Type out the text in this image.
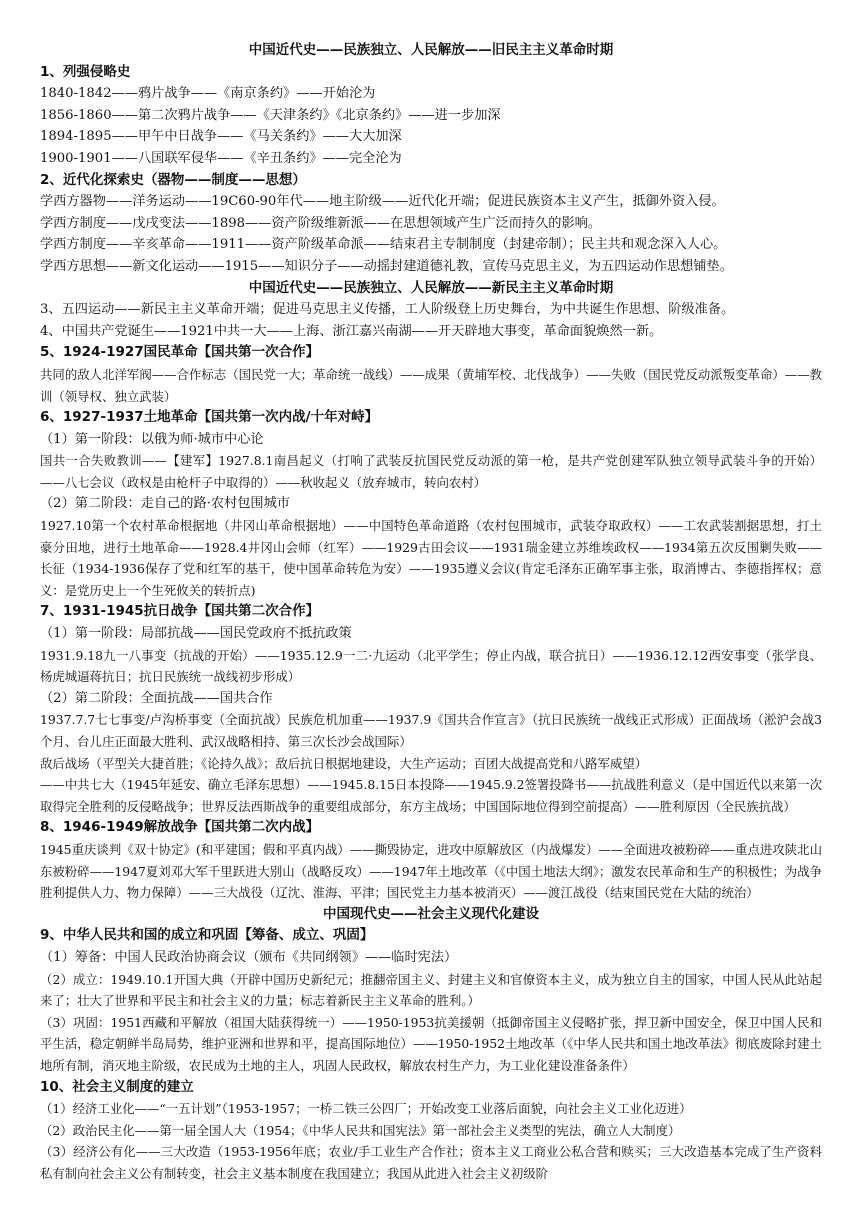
中国近代史——民族独立、人民解放——旧民主主义革命时期
1、列强侵略史

1840-1842——鸦片战争——《南京条约》——开始沦为

1856-1860——第二次鸦片战争——《天津条约》《北京条约》——进一步加深

1894-1895——甲午中日战争——《马关条约》——大大加深

1900-1901——八国联军侵华——《辛丑条约》——完全沦为

2、近代化探索史（器物——制度——思想）

学西方器物——洋务运动——19C60-90年代——地主阶级——近代化开端；促进民族资本主义产生，抵御外资入侵。

学西方制度——戊戌变法——1898——资产阶级维新派——在思想领域产生广泛而持久的影响。

学西方制度——辛亥革命——1911——资产阶级革命派——结束君主专制制度（封建帝制）；民主共和观念深入人心。

学西方思想——新文化运动——1915——知识分子——动摇封建道德礼教，宣传马克思主义，为五四运动作思想铺垫。

中国近代史——民族独立、人民解放——新民主主义革命时期

3、五四运动——新民主主义革命开端；促进马克思主义传播，工人阶级登上历史舞台，为中共诞生作思想、阶级准备。

4、中国共产党诞生——1921中共一大——上海、浙江嘉兴南湖——开天辟地大事变，革命面貌焕然一新。

5、1924-1927国民革命【国共第一次合作】

共同的敌人北洋军阀——合作标志（国民党一大；革命统一战线）——成果（黄埔军校、北伐战争）——失败（国民党反动派叛变革命）——教训（领导权、独立武装）

6、1927-1937土地革命【国共第一次内战/十年对峙】

（1）第一阶段：以俄为师·城市中心论

国共一合失败教训——【建军】1927.8.1南昌起义（打响了武装反抗国民党反动派的第一枪，是共产党创建军队独立领导武装斗争的开始）——八七会议（政权是由枪杆子中取得的）——秋收起义（放弃城市，转向农村）

（2）第二阶段：走自己的路·农村包围城市

1927.10第一个农村革命根据地（井冈山革命根据地）——中国特色革命道路（农村包围城市，武装夺取政权）——工农武装割据思想，打土豪分田地，进行土地革命——1928.4井冈山会师（红军）——1929古田会议——1931瑞金建立苏维埃政权——1934第五次反围剿失败——长征（1934-1936保存了党和红军的基干，使中国革命转危为安）——1935遵义会议(肯定毛泽东正确军事主张，取消博古、李德指挥权；意义：是党历史上一个生死攸关的转折点)

7、1931-1945抗日战争【国共第二次合作】

（1）第一阶段：局部抗战——国民党政府不抵抗政策

1931.9.18九一八事变（抗战的开始）——1935.12.9一二·九运动（北平学生；停止内战，联合抗日）——1936.12.12西安事变（张学良、杨虎城逼蒋抗日；抗日民族统一战线初步形成）

（2）第二阶段：全面抗战——国共合作

1937.7.7七七事变/卢沟桥事变（全面抗战）民族危机加重——1937.9《国共合作宣言》（抗日民族统一战线正式形成）正面战场（淞沪会战3个月、台儿庄正面最大胜利、武汉战略相持、第三次长沙会战国际）

敌后战场（平型关大捷首胜；《论持久战》；敌后抗日根据地建设，大生产运动；百团大战提高党和八路军威望）

——中共七大（1945年延安、确立毛泽东思想）——1945.8.15日本投降——1945.9.2签署投降书——抗战胜利意义（是中国近代以来第一次取得完全胜利的反侵略战争；世界反法西斯战争的重要组成部分，东方主战场；中国国际地位得到空前提高）——胜利原因（全民族抗战）

8、1946-1949解放战争【国共第二次内战】

1945重庆谈判《双十协定》(和平建国；假和平真内战）——撕毁协定，进攻中原解放区（内战爆发）——全面进攻被粉碎——重点进攻陕北山东被粉碎——1947夏刘邓大军千里跃进大别山（战略反攻）——1947年土地改革（《中国土地法大纲》；激发农民革命和生产的积极性；为战争胜利提供人力、物力保障）——三大战役（辽沈、淮海、平津；国民党主力基本被消灭）——渡江战役（结束国民党在大陆的统治）

中国现代史——社会主义现代化建设
9、中华人民共和国的成立和巩固【筹备、成立、巩固】

（1）筹备：中国人民政治协商会议（颁布《共同纲领》——临时宪法）

（2）成立：1949.10.1开国大典（开辟中国历史新纪元；推翻帝国主义、封建主义和官僚资本主义，成为独立自主的国家，中国人民从此站起来了；壮大了世界和平民主和社会主义的力量；标志着新民主主义革命的胜利。）

（3）巩固：1951西藏和平解放（祖国大陆获得统一）——1950-1953抗美援朝（抵御帝国主义侵略扩张，捍卫新中国安全，保卫中国人民和平生活，稳定朝鲜半岛局势，维护亚洲和世界和平，提高国际地位）——1950-1952土地改革（《中华人民共和国土地改革法》彻底废除封建土地所有制，消灭地主阶级，农民成为土地的主人，巩固人民政权，解放农村生产力，为工业化建设准备条件）

10、社会主义制度的建立

（1）经济工业化——“一五计划”（1953-1957；一桥二铁三公四厂；开始改变工业落后面貌，向社会主义工业化迈进）

（2）政治民主化——第一届全国人大（1954；《中华人民共和国宪法》第一部社会主义类型的宪法，确立人大制度）

（3）经济公有化——三大改造（1953-1956年底；农业/手工业生产合作社；资本主义工商业公私合营和赎买；三大改造基本完成了生产资料私有制向社会主义公有制转变，社会主义基本制度在我国建立；我国从此进入社会主义初级阶
